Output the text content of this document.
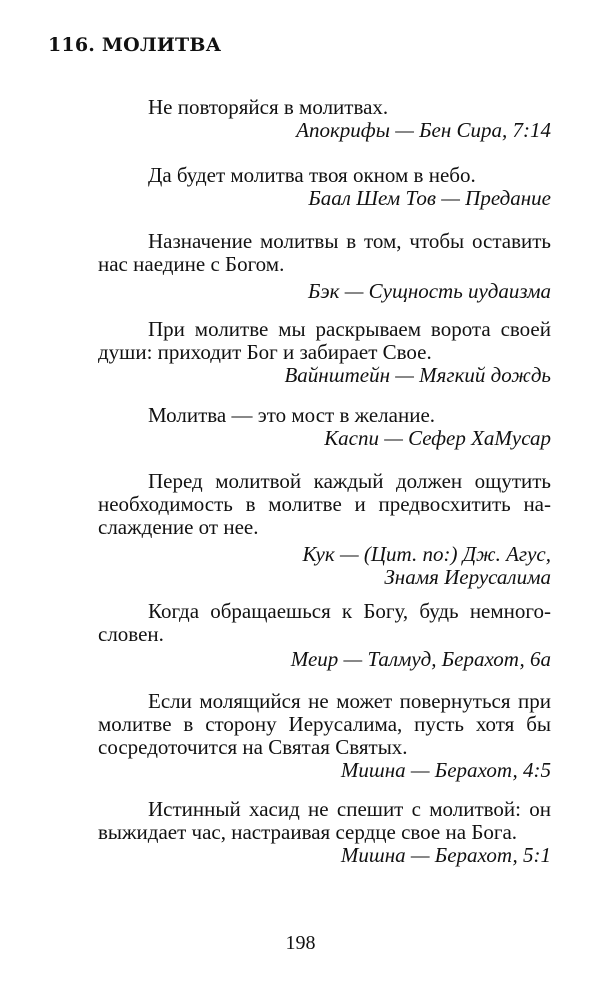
116. МОЛИТВА
Не повторяйся в молитвах.
Апокрифы — Бен Сира, 7:14
Да будет молитва твоя окном в небо.
Баал Шем Тов — Предание
Назначение молитвы в том, чтобы оставить
нас наедине с Богом.
Бэк — Сущность иудаизма
При молитве мы раскрываем ворота своей
души: приходит Бог и забирает Свое.
Вайнштейн — Мягкий дождь
Молитва — это мост в желание.
Каспи — Сефер ХаМусар
Перед молитвой каждый должен ощутить
необходимость в молитве и предвосхитить на-
слаждение от нее.
Кук — (Цит. по:) Дж. Агус,
Знамя Иерусалима
Когда обращаешься к Богу, будь немного-
словен.
Меир — Талмуд, Берахот, 6а
Если молящийся не может повернуться при
молитве в сторону Иерусалима, пусть хотя бы
сосредоточится на Святая Святых.
Мишна — Берахот, 4:5
Истинный хасид не спешит с молитвой: он
выжидает час, настраивая сердце свое на Бога.
Мишна — Берахот, 5:1
198
